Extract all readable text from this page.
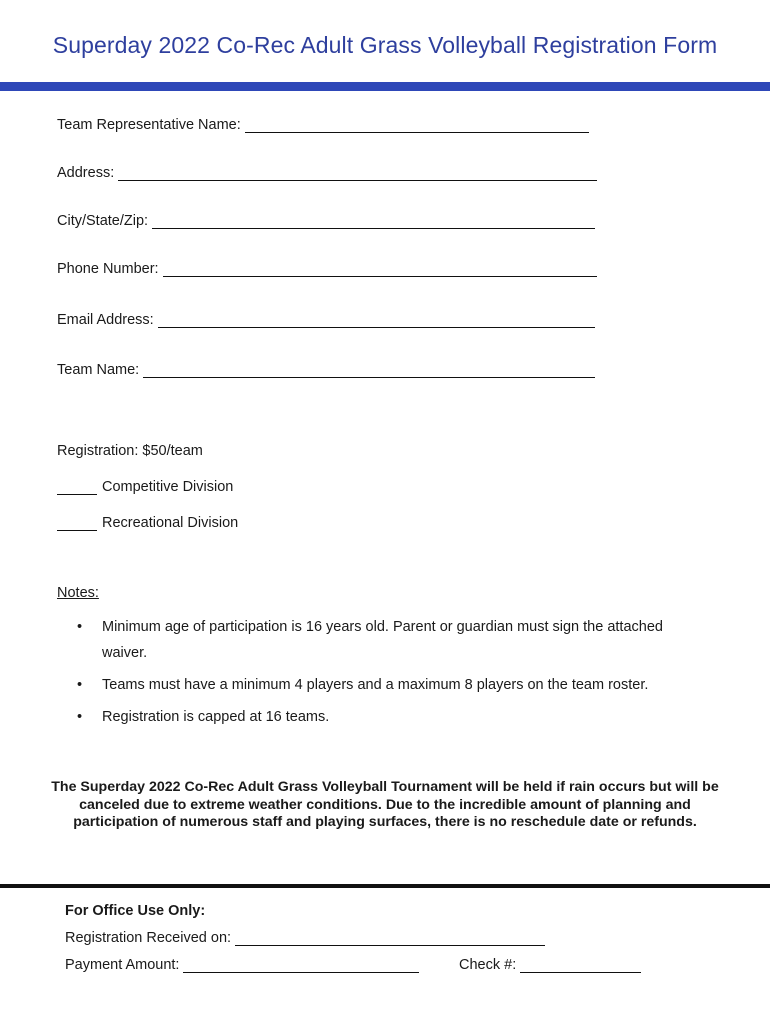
Superday 2022 Co-Rec Adult Grass Volleyball Registration Form
Team Representative Name:
Address:
City/State/Zip:
Phone Number:
Email Address:
Team Name:
Registration: $50/team
Competitive Division
Recreational Division
Notes:
• Minimum age of participation is 16 years old. Parent or guardian must sign the attached waiver.
• Teams must have a minimum 4 players and a maximum 8 players on the team roster.
• Registration is capped at 16 teams.
The Superday 2022 Co-Rec Adult Grass Volleyball Tournament will be held if rain occurs but will be canceled due to extreme weather conditions. Due to the incredible amount of planning and participation of numerous staff and playing surfaces, there is no reschedule date or refunds.
For Office Use Only:
Registration Received on:
Payment Amount:	Check #:
